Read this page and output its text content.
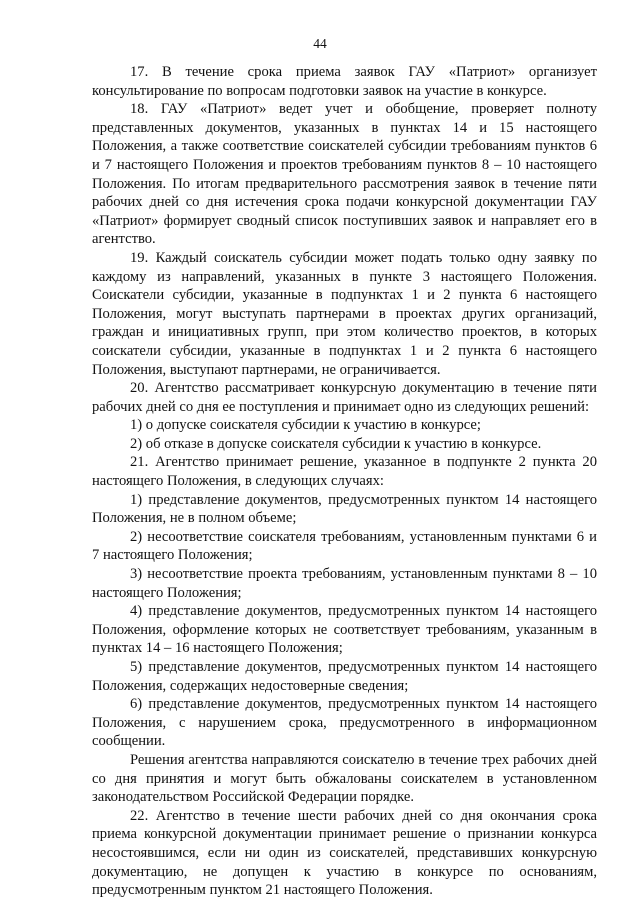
44

17. В течение срока приема заявок ГАУ «Патриот» организует консультирование по вопросам подготовки заявок на участие в конкурсе.

18. ГАУ «Патриот» ведет учет и обобщение, проверяет полноту представленных документов, указанных в пунктах 14 и 15 настоящего Положения, а также соответствие соискателей субсидии требованиям пунктов 6 и 7 настоящего Положения и проектов требованиям пунктов 8 – 10 настоящего Положения. По итогам предварительного рассмотрения заявок в течение пяти рабочих дней со дня истечения срока подачи конкурсной документации ГАУ «Патриот» формирует сводный список поступивших заявок и направляет его в агентство.

19. Каждый соискатель субсидии может подать только одну заявку по каждому из направлений, указанных в пункте 3 настоящего Положения. Соискатели субсидии, указанные в подпунктах 1 и 2 пункта 6 настоящего Положения, могут выступать партнерами в проектах других организаций, граждан и инициативных групп, при этом количество проектов, в которых соискатели субсидии, указанные в подпунктах 1 и 2 пункта 6 настоящего Положения, выступают партнерами, не ограничивается.

20. Агентство рассматривает конкурсную документацию в течение пяти рабочих дней со дня ее поступления и принимает одно из следующих решений:

1) о допуске соискателя субсидии к участию в конкурсе;

2) об отказе в допуске соискателя субсидии к участию в конкурсе.

21. Агентство принимает решение, указанное в подпункте 2 пункта 20 настоящего Положения, в следующих случаях:

1) представление документов, предусмотренных пунктом 14 настоящего Положения, не в полном объеме;

2) несоответствие соискателя требованиям, установленным пунктами 6 и 7 настоящего Положения;

3) несоответствие проекта требованиям, установленным пунктами 8 – 10 настоящего Положения;

4) представление документов, предусмотренных пунктом 14 настоящего Положения, оформление которых не соответствует требованиям, указанным в пунктах 14 – 16 настоящего Положения;

5) представление документов, предусмотренных пунктом 14 настоящего Положения, содержащих недостоверные сведения;

6) представление документов, предусмотренных пунктом 14 настоящего Положения, с нарушением срока, предусмотренного в информационном сообщении.

Решения агентства направляются соискателю в течение трех рабочих дней со дня принятия и могут быть обжалованы соискателем в установленном законодательством Российской Федерации порядке.

22. Агентство в течение шести рабочих дней со дня окончания срока приема конкурсной документации принимает решение о признании конкурса несостоявшимся, если ни один из соискателей, представивших конкурсную документацию, не допущен к участию в конкурсе по основаниям, предусмотренным пунктом 21 настоящего Положения.
